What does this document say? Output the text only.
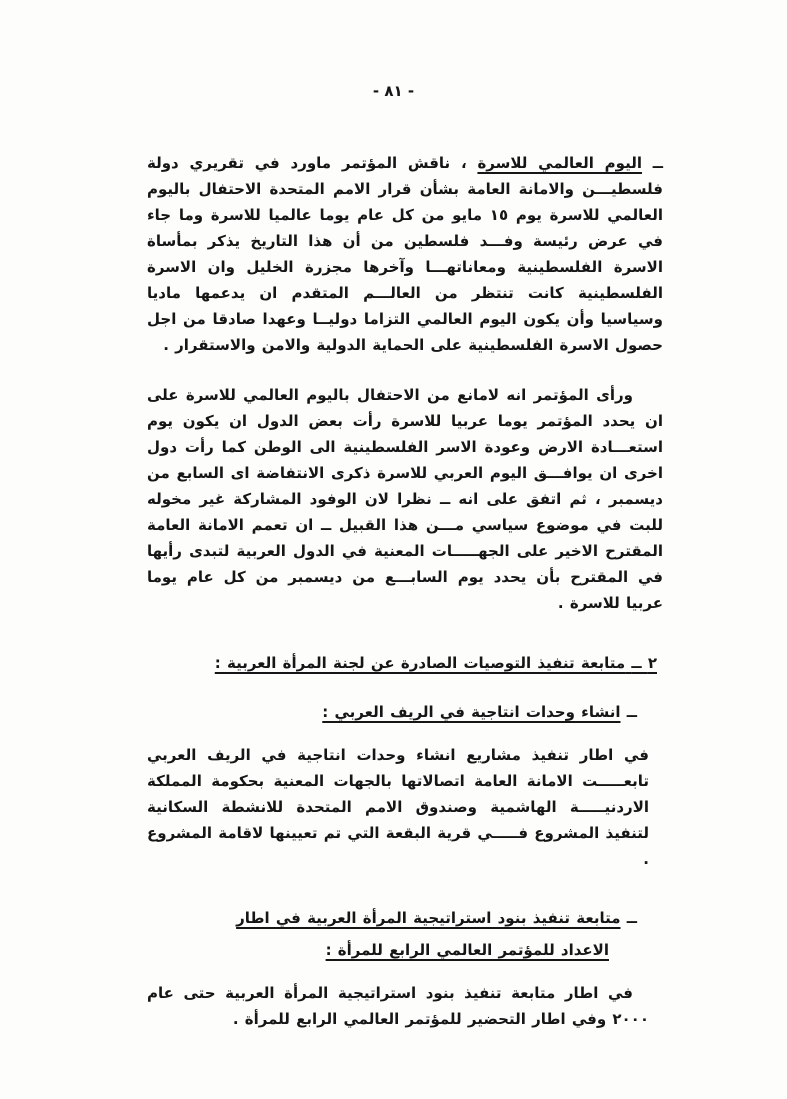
- ٨١ -
ــ اليوم العالمي للاسرة ، ناقش المؤتمر ماورد في تقريري دولة فلسطيـــن والامانة العامة بشأن قرار الامم المتحدة الاحتفال باليوم العالمي للاسرة يوم ١٥ مايو من كل عام يوما عالميا للاسرة وما جاء في عرض رئيسة وفـــد فلسطين من أن هذا التاريخ يذكر بمأساة الاسرة الفلسطينية ومعاناتهـــا وآخرها مجزرة الخليل وان الاسرة الفلسطينية كانت تنتظر من العالـــم المتقدم ان يدعمها ماديا وسياسيا وأن يكون اليوم العالمي التزاما دوليــا وعهدا صادقا من اجل حصول الاسرة الفلسطينية على الحماية الدولية والامن والاستقرار .
ورأى المؤتمر انه لامانع من الاحتفال باليوم العالمي للاسرة على ان يحدد المؤتمر يوما عربيا للاسرة رأت بعض الدول ان يكون يوم استعـــادة الارض وعودة الاسر الفلسطينية الى الوطن كما رأت دول اخرى ان يوافـــق اليوم العربي للاسرة ذكرى الانتفاضة اى السابع من ديسمبر ، ثم اتفق على انه ــ نظرا لان الوفود المشاركة غير مخوله للبت في موضوع سياسي مـــن هذا القبيل ــ ان تعمم الامانة العامة المقترح الاخير على الجهـــــات المعنية في الدول العربية لتبدى رأيها في المقترح بأن يحدد يوم السابـــع من ديسمبر من كل عام يوما عربيا للاسرة .
٢ ــ متابعة تنفيذ التوصيات الصادرة عن لجنة المرأة العربية :
ــ انشاء وحدات انتاجية في الريف العربي :
في اطار تنفيذ مشاريع انشاء وحدات انتاجية في الريف العربي تابعـــــت الامانة العامة اتصالاتها بالجهات المعنية بحكومة المملكة الاردنيـــــة الهاشمية وصندوق الامم المتحدة للانشطة السكانية لتنفيذ المشروع فـــــي قرية البقعة التي تم تعيينها لاقامة المشروع .
ــ متابعة تنفيذ بنود استراتيجية المرأة العربية في اطار
الاعداد للمؤتمر العالمي الرابع للمرأة :
في اطار متابعة تنفيذ بنود استراتيجية المرأة العربية حتى عام ٢٠٠٠ وفي اطار التحضير للمؤتمر العالمي الرابع للمرأة .
